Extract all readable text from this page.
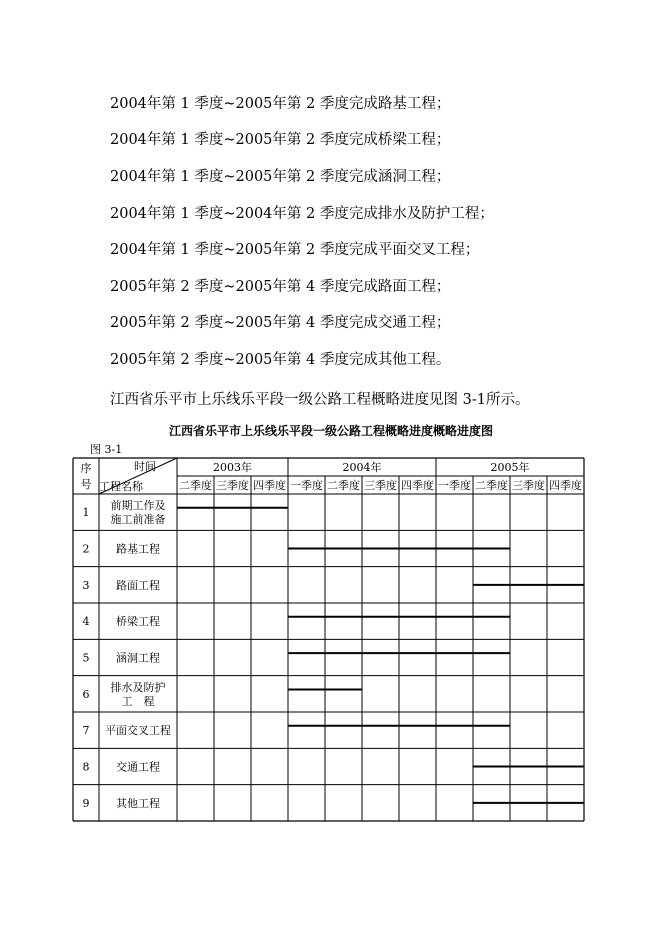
2004年第 1 季度~2005年第 2 季度完成路基工程；
2004年第 1 季度~2005年第 2 季度完成桥梁工程；
2004年第 1 季度~2005年第 2 季度完成涵洞工程；
2004年第 1 季度~2004年第 2 季度完成排水及防护工程；
2004年第 1 季度~2005年第 2 季度完成平面交叉工程；
2005年第 2 季度~2005年第 4 季度完成路面工程；
2005年第 2 季度~2005年第 4 季度完成交通工程；
2005年第 2 季度~2005年第 4 季度完成其他工程。
江西省乐平市上乐线乐平段一级公路工程概略进度见图 3-1所示。
江西省乐平市上乐线乐平段一级公路工程概略进度概略进度图
图 3-1
序
号
时间
工程名称
2003年	2004年	2005年
二季度 三季度 四季度 一季度 二季度 三季度 四季度 一季度 二季度 三季度 四季度
1
前期工作及
施工前准备
2 路基工程
3 路面工程
4 桥梁工程
5 涵洞工程
6
排水及防护
工　程
7 平面交叉工程
8 交通工程
9 其他工程
